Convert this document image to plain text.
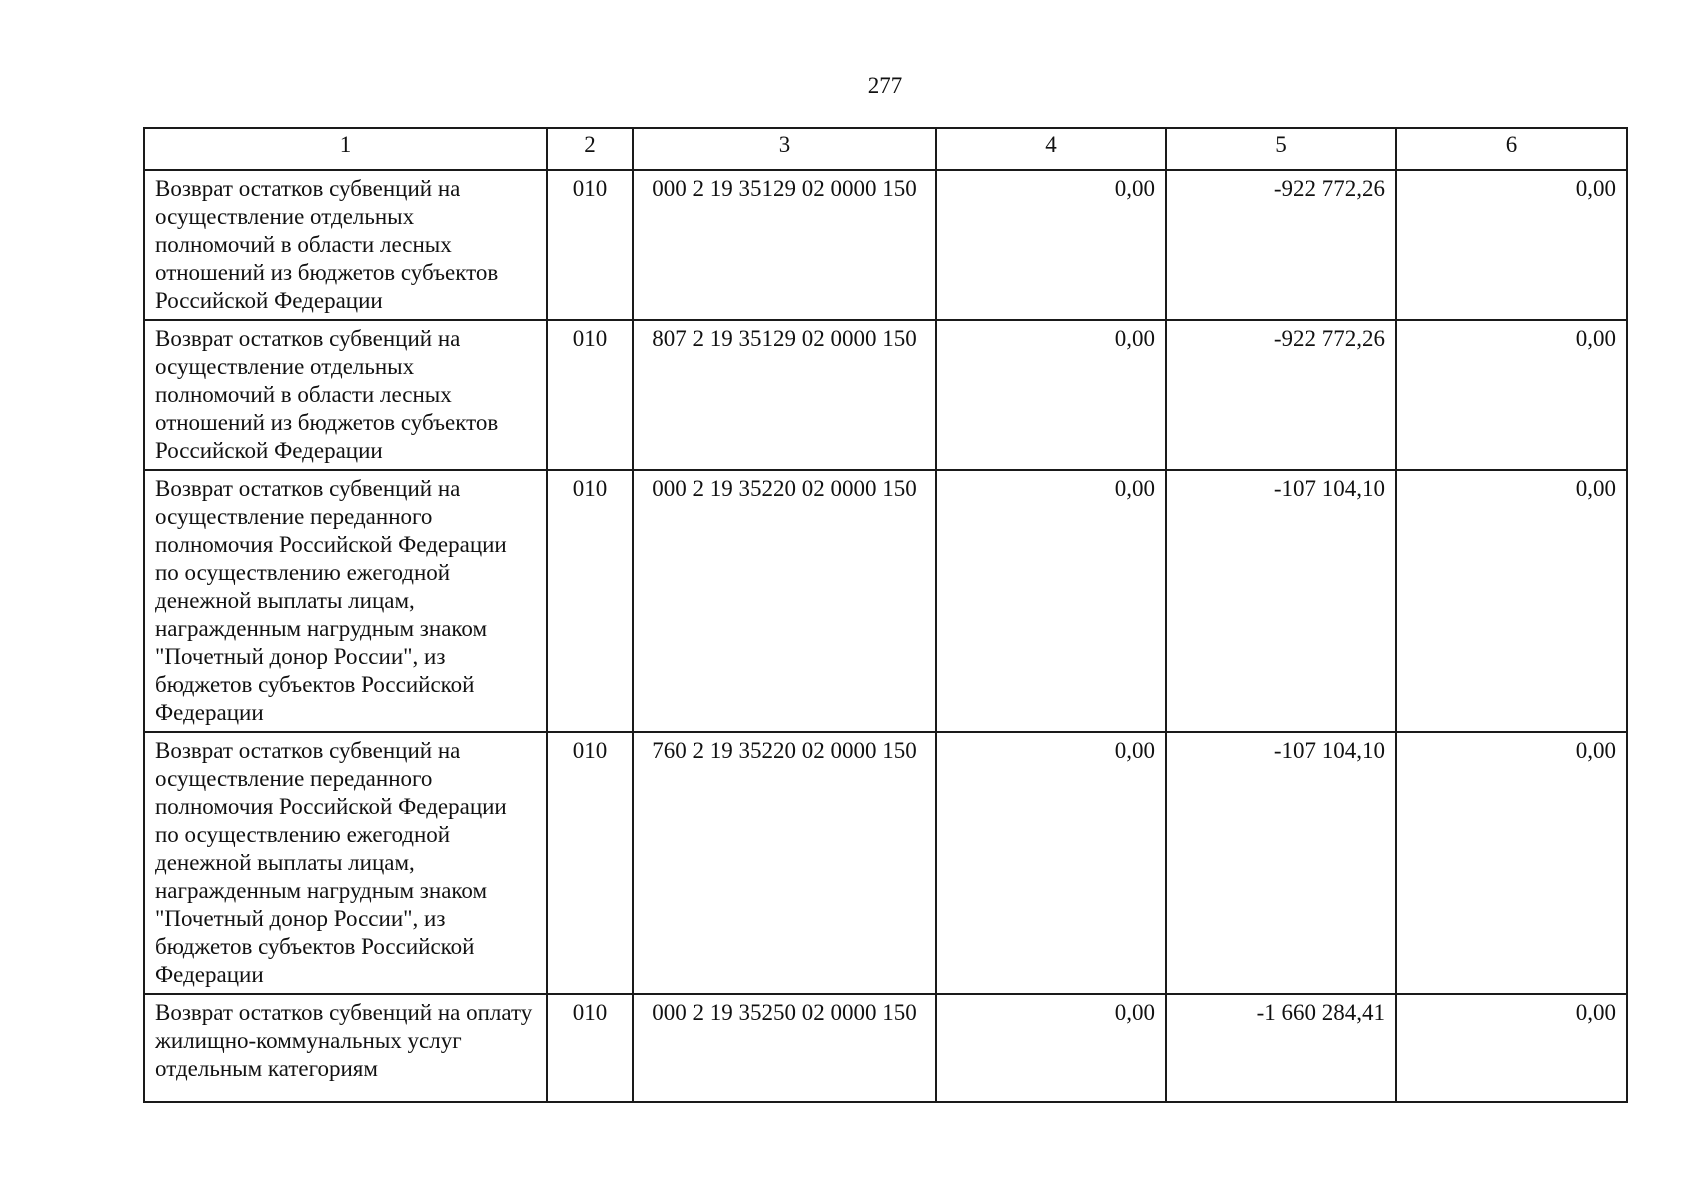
277
1	2	3	4	5	6
Возврат остатков субвенций на осуществление отдельных полномочий в области лесных отношений из бюджетов субъектов Российской Федерации	010	000 2 19 35129 02 0000 150	0,00	-922 772,26	0,00
Возврат остатков субвенций на осуществление отдельных полномочий в области лесных отношений из бюджетов субъектов Российской Федерации	010	807 2 19 35129 02 0000 150	0,00	-922 772,26	0,00
Возврат остатков субвенций на осуществление переданного полномочия Российской Федерации по осуществлению ежегодной денежной выплаты лицам, награжденным нагрудным знаком "Почетный донор России", из бюджетов субъектов Российской Федерации	010	000 2 19 35220 02 0000 150	0,00	-107 104,10	0,00
Возврат остатков субвенций на осуществление переданного полномочия Российской Федерации по осуществлению ежегодной денежной выплаты лицам, награжденным нагрудным знаком "Почетный донор России", из бюджетов субъектов Российской Федерации	010	760 2 19 35220 02 0000 150	0,00	-107 104,10	0,00
Возврат остатков субвенций на оплату жилищно-коммунальных услуг отдельным категориям	010	000 2 19 35250 02 0000 150	0,00	-1 660 284,41	0,00
